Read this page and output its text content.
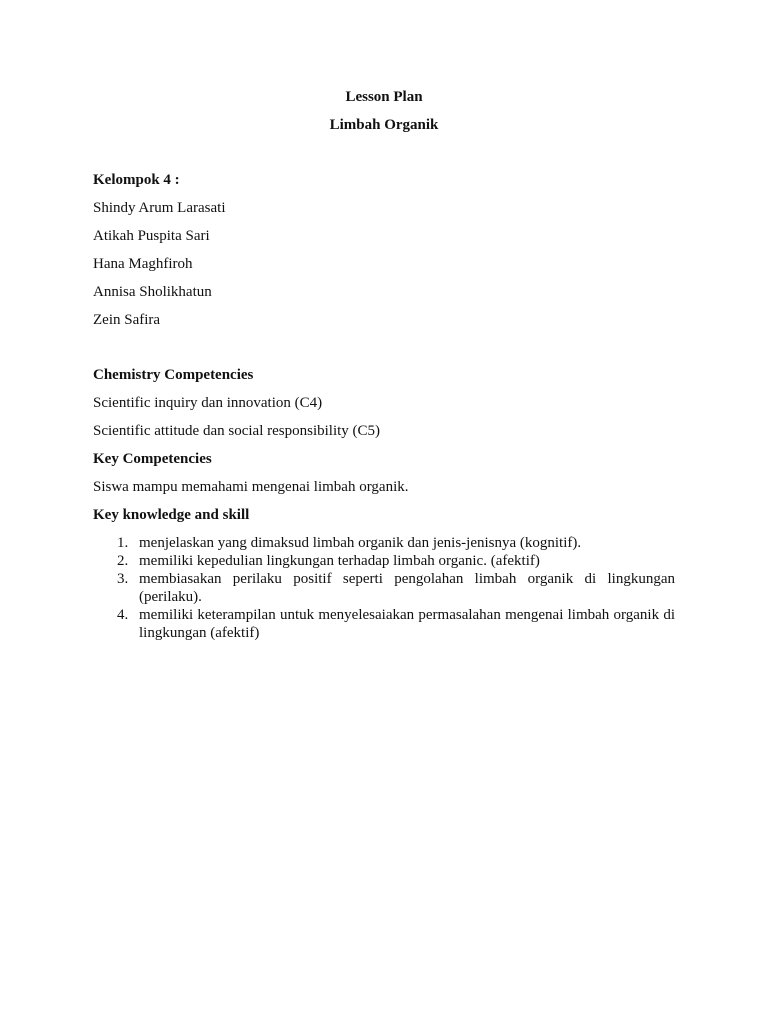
Lesson Plan
Limbah Organik
Kelompok 4 :
Shindy Arum Larasati
Atikah Puspita Sari
Hana Maghfiroh
Annisa Sholikhatun
Zein Safira
Chemistry Competencies
Scientific inquiry dan innovation (C4)
Scientific attitude dan social responsibility (C5)
Key Competencies
Siswa mampu memahami mengenai limbah organik.
Key knowledge and skill
1. menjelaskan yang dimaksud limbah organik dan jenis-jenisnya (kognitif).
2. memiliki kepedulian lingkungan terhadap limbah organic. (afektif)
3. membiasakan perilaku positif seperti pengolahan limbah organik di lingkungan (perilaku).
4. memiliki keterampilan untuk menyelesaiakan permasalahan mengenai limbah organik di lingkungan (afektif)
